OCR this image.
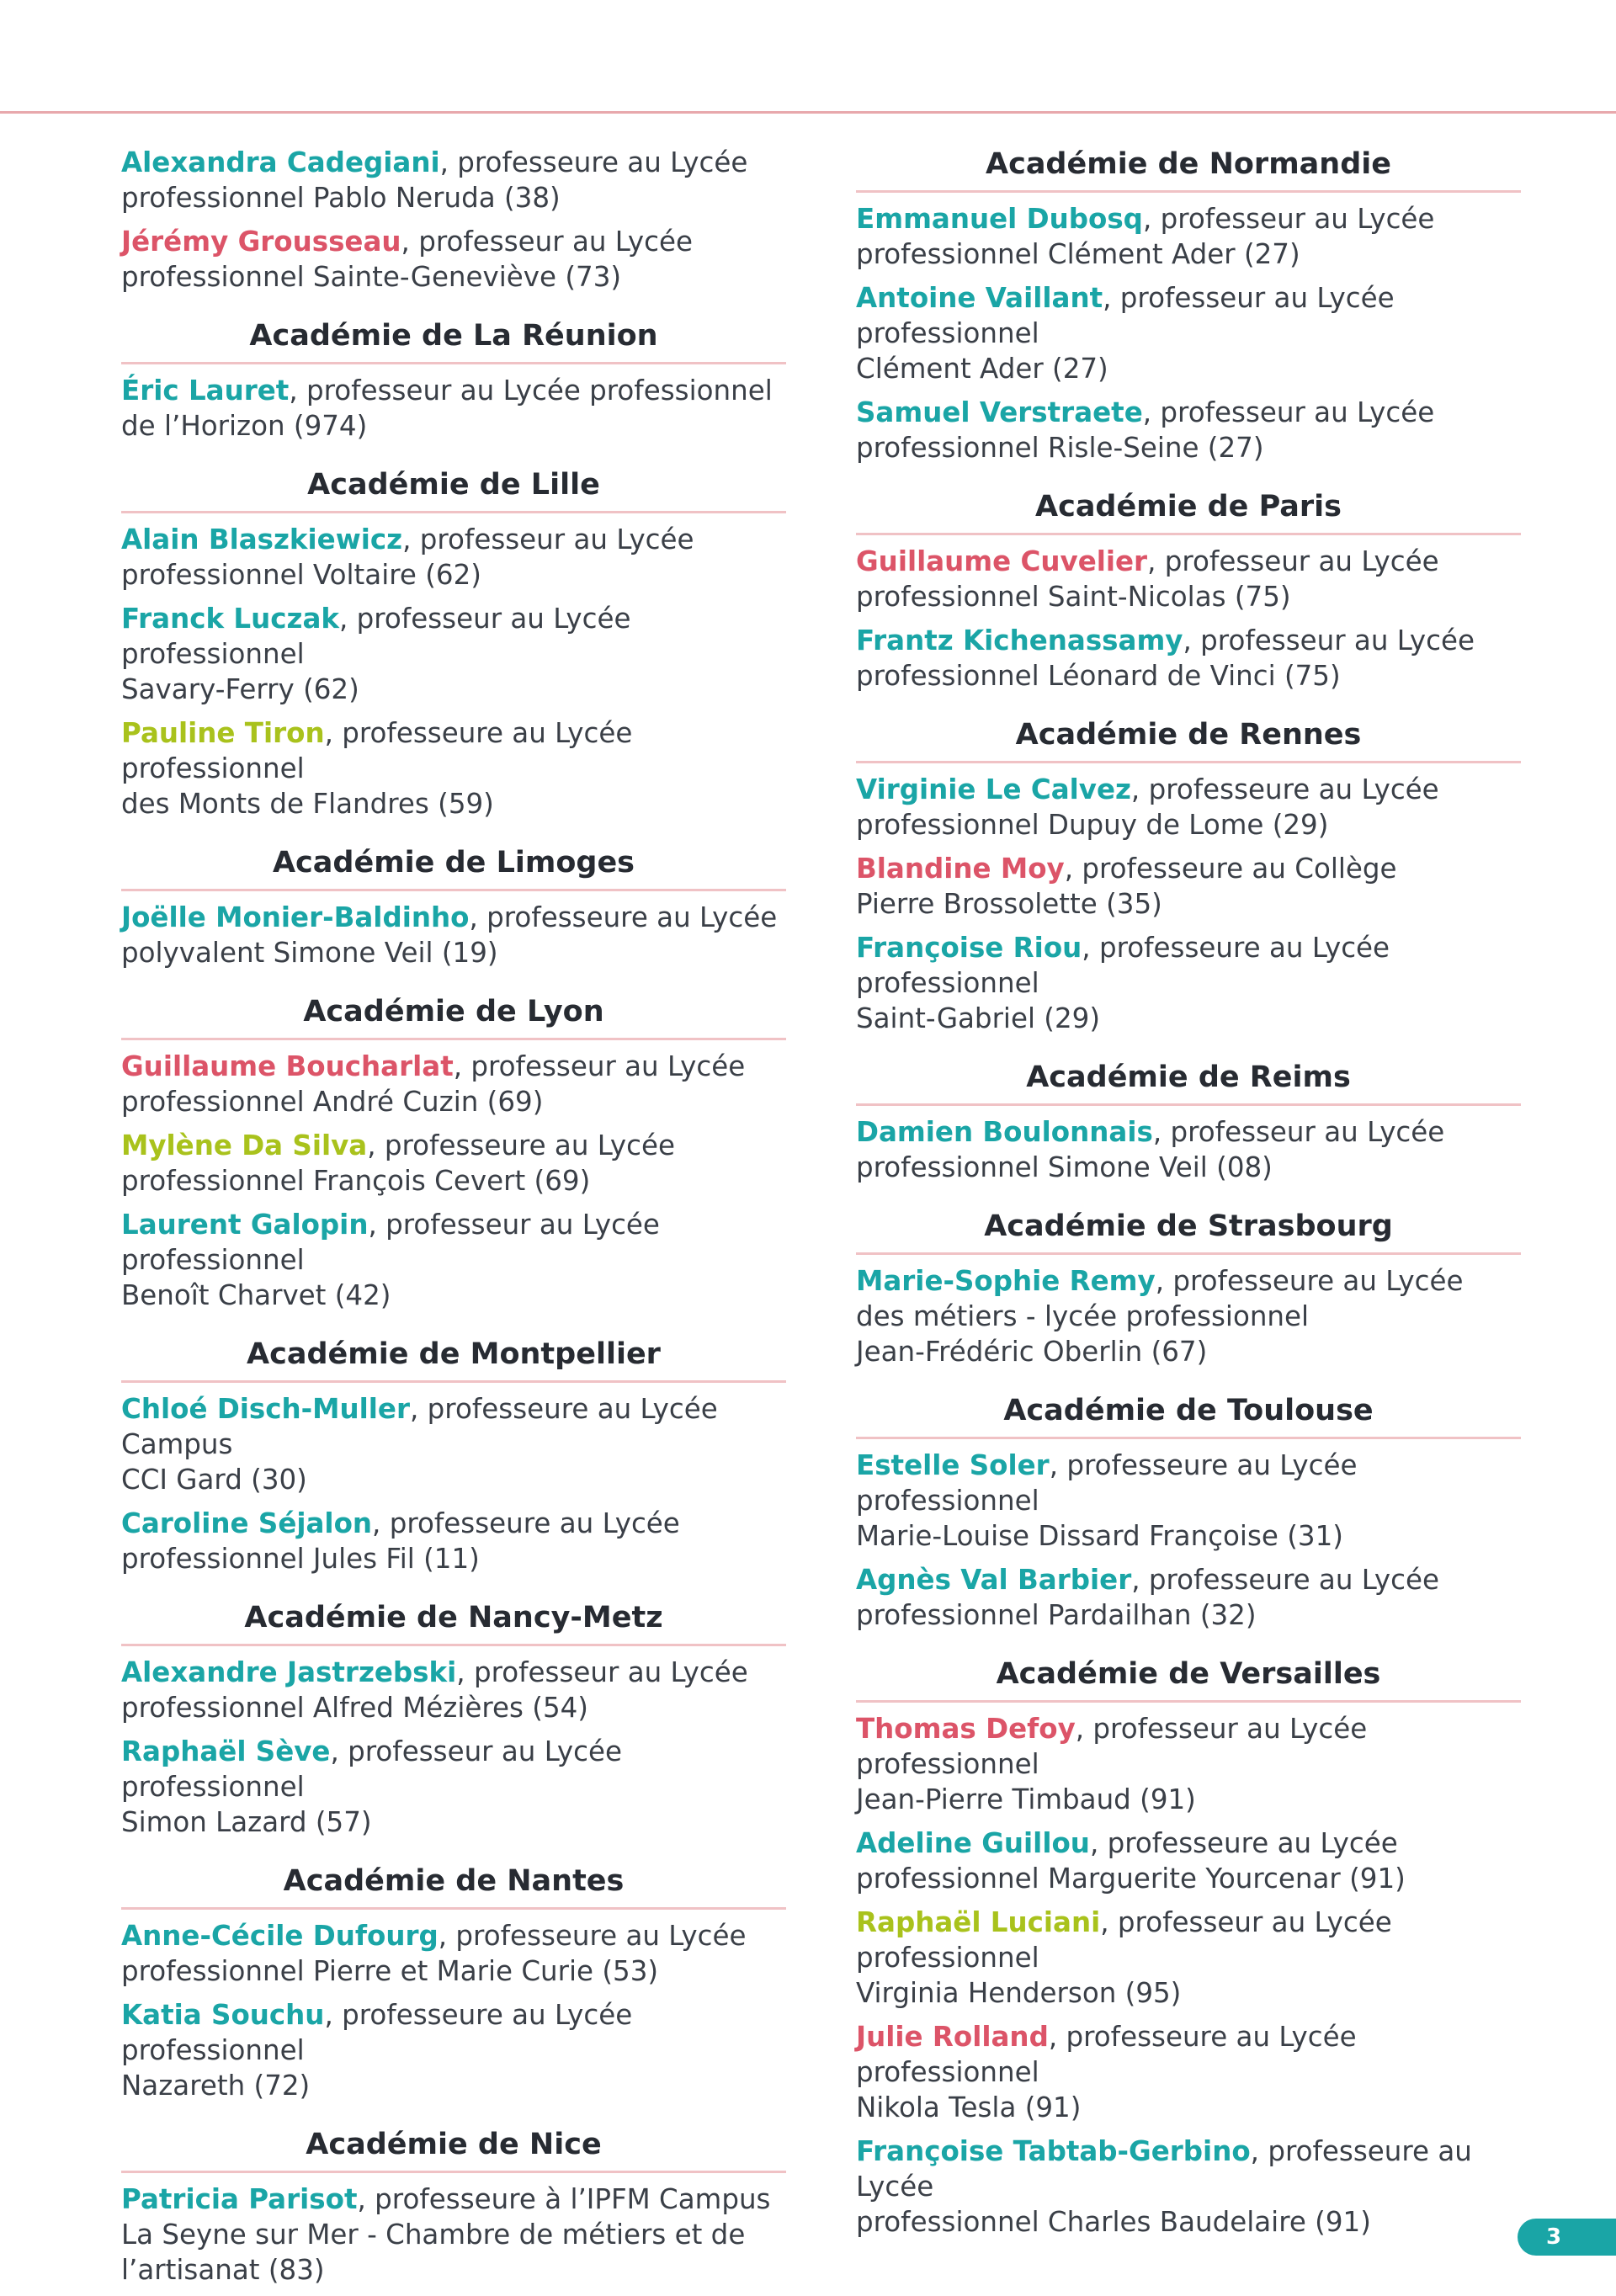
Alexandra Cadegiani, professeure au Lycée
professionnel Pablo Neruda (38)
Jérémy Grousseau, professeur au Lycée
professionnel Sainte-Geneviève (73)
Académie de La Réunion
Éric Lauret, professeur au Lycée professionnel
de l’Horizon (974)
Académie de Lille
Alain Blaszkiewicz, professeur au Lycée
professionnel Voltaire (62)
Franck Luczak, professeur au Lycée professionnel
Savary-Ferry (62)
Pauline Tiron, professeure au Lycée professionnel
des Monts de Flandres (59)
Académie de Limoges
Joëlle Monier-Baldinho, professeure au Lycée
polyvalent Simone Veil (19)
Académie de Lyon
Guillaume Boucharlat, professeur au Lycée
professionnel André Cuzin (69)
Mylène Da Silva, professeure au Lycée
professionnel François Cevert (69)
Laurent Galopin, professeur au Lycée professionnel
Benoît Charvet (42)
Académie de Montpellier
Chloé Disch-Muller, professeure au Lycée Campus
CCI Gard (30)
Caroline Séjalon, professeure au Lycée
professionnel Jules Fil (11)
Académie de Nancy-Metz
Alexandre Jastrzebski, professeur au Lycée
professionnel Alfred Mézières (54)
Raphaël Sève, professeur au Lycée professionnel
Simon Lazard (57)
Académie de Nantes
Anne-Cécile Dufourg, professeure au Lycée
professionnel Pierre et Marie Curie (53)
Katia Souchu, professeure au Lycée professionnel
Nazareth (72)
Académie de Nice
Patricia Parisot, professeure à l’IPFM Campus
La Seyne sur Mer - Chambre de métiers et de
l’artisanat (83)
Académie de Normandie
Emmanuel Dubosq, professeur au Lycée
professionnel Clément Ader (27)
Antoine Vaillant, professeur au Lycée professionnel
Clément Ader (27)
Samuel Verstraete, professeur au Lycée
professionnel Risle-Seine (27)
Académie de Paris
Guillaume Cuvelier, professeur au Lycée
professionnel Saint-Nicolas (75)
Frantz Kichenassamy, professeur au Lycée
professionnel Léonard de Vinci (75)
Académie de Rennes
Virginie Le Calvez, professeure au Lycée
professionnel Dupuy de Lome (29)
Blandine Moy, professeure au Collège
Pierre Brossolette (35)
Françoise Riou, professeure au Lycée professionnel
Saint-Gabriel (29)
Académie de Reims
Damien Boulonnais, professeur au Lycée
professionnel Simone Veil (08)
Académie de Strasbourg
Marie-Sophie Remy, professeure au Lycée
des métiers - lycée professionnel
Jean-Frédéric Oberlin (67)
Académie de Toulouse
Estelle Soler, professeure au Lycée professionnel
Marie-Louise Dissard Françoise (31)
Agnès Val Barbier, professeure au Lycée
professionnel Pardailhan (32)
Académie de Versailles
Thomas Defoy, professeur au Lycée professionnel
Jean-Pierre Timbaud (91)
Adeline Guillou, professeure au Lycée
professionnel Marguerite Yourcenar (91)
Raphaël Luciani, professeur au Lycée professionnel
Virginia Henderson (95)
Julie Rolland, professeure au Lycée professionnel
Nikola Tesla (91)
Françoise Tabtab-Gerbino, professeure au Lycée
professionnel Charles Baudelaire (91)	3
